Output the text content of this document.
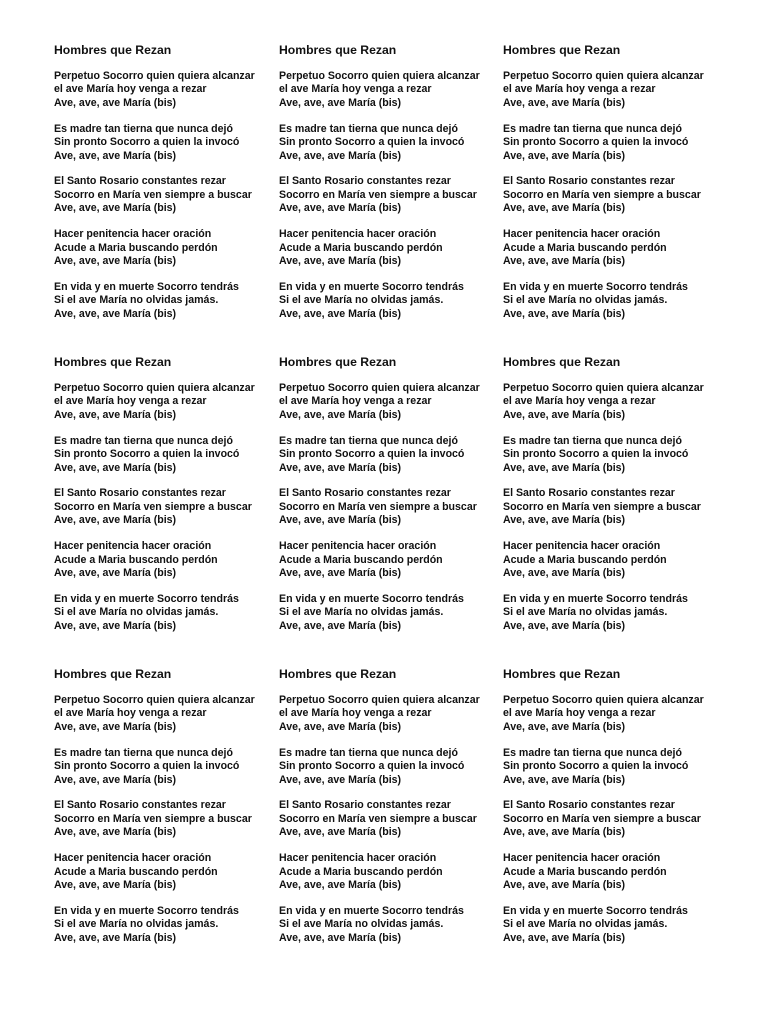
Hombres que Rezan
Perpetuo Socorro quien quiera alcanzar
el ave María hoy venga a rezar
Ave, ave, ave María (bis)
Es madre tan tierna que nunca dejó
Sin pronto Socorro a quien la invocó
Ave, ave, ave María (bis)
El Santo Rosario constantes rezar
Socorro en María ven siempre a buscar
Ave, ave, ave María (bis)
Hacer penitencia hacer oración
Acude a Maria buscando perdón
Ave, ave, ave María (bis)
En vida y en muerte Socorro tendrás
Si el ave María no olvidas jamás.
Ave, ave, ave María (bis)
Hombres que Rezan
Perpetuo Socorro quien quiera alcanzar
el ave María hoy venga a rezar
Ave, ave, ave María (bis)
Es madre tan tierna que nunca dejó
Sin pronto Socorro a quien la invocó
Ave, ave, ave María (bis)
El Santo Rosario constantes rezar
Socorro en María ven siempre a buscar
Ave, ave, ave María (bis)
Hacer penitencia hacer oración
Acude a Maria buscando perdón
Ave, ave, ave María (bis)
En vida y en muerte Socorro tendrás
Si el ave María no olvidas jamás.
Ave, ave, ave María (bis)
Hombres que Rezan
Perpetuo Socorro quien quiera alcanzar
el ave María hoy venga a rezar
Ave, ave, ave María (bis)
Es madre tan tierna que nunca dejó
Sin pronto Socorro a quien la invocó
Ave, ave, ave María (bis)
El Santo Rosario constantes rezar
Socorro en María ven siempre a buscar
Ave, ave, ave María (bis)
Hacer penitencia hacer oración
Acude a Maria buscando perdón
Ave, ave, ave María (bis)
En vida y en muerte Socorro tendrás
Si el ave María no olvidas jamás.
Ave, ave, ave María (bis)
Hombres que Rezan
Perpetuo Socorro quien quiera alcanzar
el ave María hoy venga a rezar
Ave, ave, ave María (bis)
Es madre tan tierna que nunca dejó
Sin pronto Socorro a quien la invocó
Ave, ave, ave María (bis)
El Santo Rosario constantes rezar
Socorro en María ven siempre a buscar
Ave, ave, ave María (bis)
Hacer penitencia hacer oración
Acude a Maria buscando perdón
Ave, ave, ave María (bis)
En vida y en muerte Socorro tendrás
Si el ave María no olvidas jamás.
Ave, ave, ave María (bis)
Hombres que Rezan
Perpetuo Socorro quien quiera alcanzar
el ave María hoy venga a rezar
Ave, ave, ave María (bis)
Es madre tan tierna que nunca dejó
Sin pronto Socorro a quien la invocó
Ave, ave, ave María (bis)
El Santo Rosario constantes rezar
Socorro en María ven siempre a buscar
Ave, ave, ave María (bis)
Hacer penitencia hacer oración
Acude a Maria buscando perdón
Ave, ave, ave María (bis)
En vida y en muerte Socorro tendrás
Si el ave María no olvidas jamás.
Ave, ave, ave María (bis)
Hombres que Rezan
Perpetuo Socorro quien quiera alcanzar
el ave María hoy venga a rezar
Ave, ave, ave María (bis)
Es madre tan tierna que nunca dejó
Sin pronto Socorro a quien la invocó
Ave, ave, ave María (bis)
El Santo Rosario constantes rezar
Socorro en María ven siempre a buscar
Ave, ave, ave María (bis)
Hacer penitencia hacer oración
Acude a Maria buscando perdón
Ave, ave, ave María (bis)
En vida y en muerte Socorro tendrás
Si el ave María no olvidas jamás.
Ave, ave, ave María (bis)
Hombres que Rezan
Perpetuo Socorro quien quiera alcanzar
el ave María hoy venga a rezar
Ave, ave, ave María (bis)
Es madre tan tierna que nunca dejó
Sin pronto Socorro a quien la invocó
Ave, ave, ave María (bis)
El Santo Rosario constantes rezar
Socorro en María ven siempre a buscar
Ave, ave, ave María (bis)
Hacer penitencia hacer oración
Acude a Maria buscando perdón
Ave, ave, ave María (bis)
En vida y en muerte Socorro tendrás
Si el ave María no olvidas jamás.
Ave, ave, ave María (bis)
Hombres que Rezan
Perpetuo Socorro quien quiera alcanzar
el ave María hoy venga a rezar
Ave, ave, ave María (bis)
Es madre tan tierna que nunca dejó
Sin pronto Socorro a quien la invocó
Ave, ave, ave María (bis)
El Santo Rosario constantes rezar
Socorro en María ven siempre a buscar
Ave, ave, ave María (bis)
Hacer penitencia hacer oración
Acude a Maria buscando perdón
Ave, ave, ave María (bis)
En vida y en muerte Socorro tendrás
Si el ave María no olvidas jamás.
Ave, ave, ave María (bis)
Hombres que Rezan
Perpetuo Socorro quien quiera alcanzar
el ave María hoy venga a rezar
Ave, ave, ave María (bis)
Es madre tan tierna que nunca dejó
Sin pronto Socorro a quien la invocó
Ave, ave, ave María (bis)
El Santo Rosario constantes rezar
Socorro en María ven siempre a buscar
Ave, ave, ave María (bis)
Hacer penitencia hacer oración
Acude a Maria buscando perdón
Ave, ave, ave María (bis)
En vida y en muerte Socorro tendrás
Si el ave María no olvidas jamás.
Ave, ave, ave María (bis)
